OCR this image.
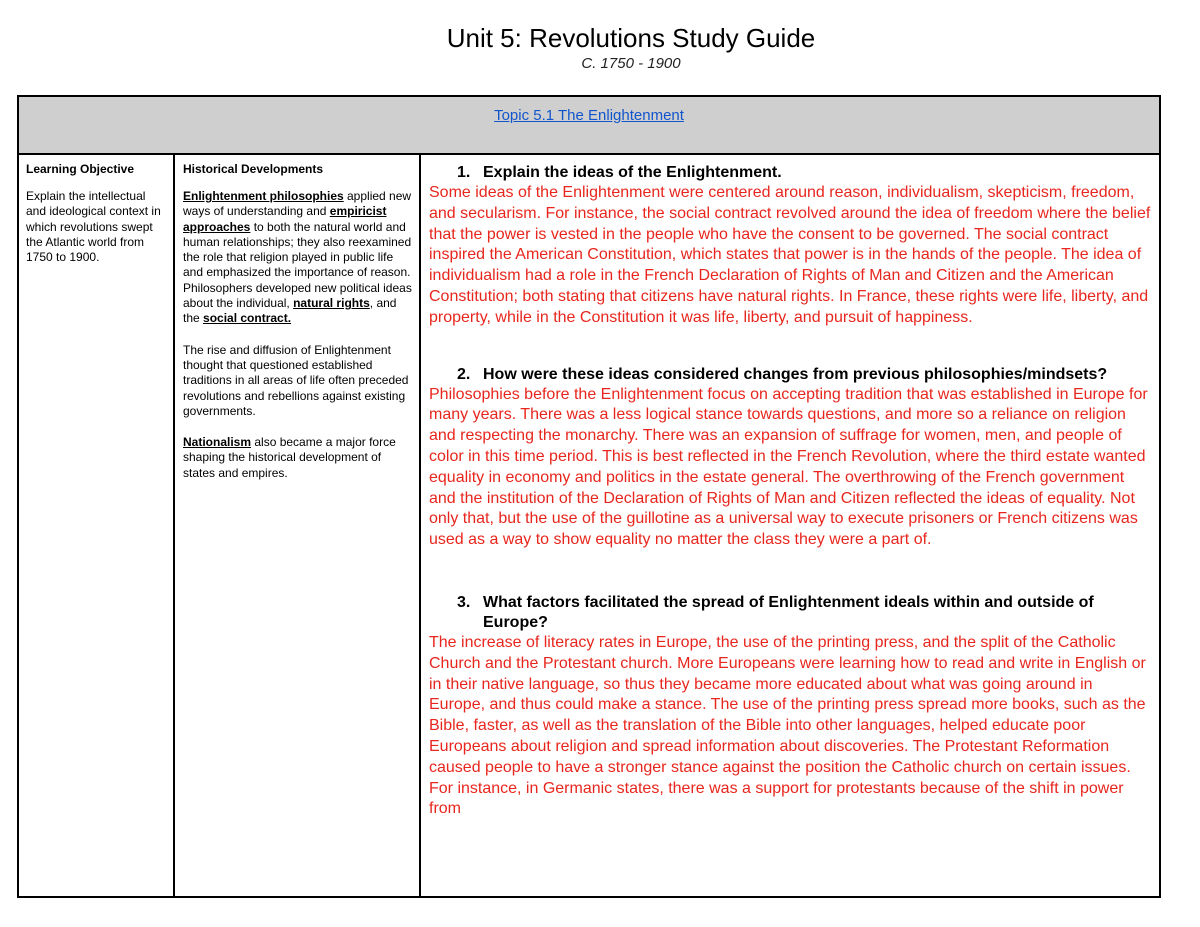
Unit 5: Revolutions Study Guide
C. 1750 - 1900
Topic 5.1 The Enlightenment

Learning Objective

Explain the intellectual and ideological context in which revolutions swept the Atlantic world from 1750 to 1900.

Historical Developments

Enlightenment philosophies applied new ways of understanding and empiricist approaches to both the natural world and human relationships; they also reexamined the role that religion played in public life and emphasized the importance of reason. Philosophers developed new political ideas about the individual, natural rights, and the social contract.

The rise and diffusion of Enlightenment thought that questioned established traditions in all areas of life often preceded revolutions and rebellions against existing governments.

Nationalism also became a major force shaping the historical development of states and empires.

1. Explain the ideas of the Enlightenment.

Some ideas of the Enlightenment were centered around reason, individualism, skepticism, freedom, and secularism. For instance, the social contract revolved around the idea of freedom where the belief that the power is vested in the people who have the consent to be governed. The social contract inspired the American Constitution, which states that power is in the hands of the people. The idea of individualism had a role in the French Declaration of Rights of Man and Citizen and the American Constitution; both stating that citizens have natural rights. In France, these rights were life, liberty, and property, while in the Constitution it was life, liberty, and pursuit of happiness.

2. How were these ideas considered changes from previous philosophies/mindsets?

Philosophies before the Enlightenment focus on accepting tradition that was established in Europe for many years. There was a less logical stance towards questions, and more so a reliance on religion and respecting the monarchy. There was an expansion of suffrage for women, men, and people of color in this time period. This is best reflected in the French Revolution, where the third estate wanted equality in economy and politics in the estate general. The overthrowing of the French government and the institution of the Declaration of Rights of Man and Citizen reflected the ideas of equality. Not only that, but the use of the guillotine as a universal way to execute prisoners or French citizens was used as a way to show equality no matter the class they were a part of.

3. What factors facilitated the spread of Enlightenment ideals within and outside of Europe?

The increase of literacy rates in Europe, the use of the printing press, and the split of the Catholic Church and the Protestant church. More Europeans were learning how to read and write in English or in their native language, so thus they became more educated about what was going around in Europe, and thus could make a stance. The use of the printing press spread more books, such as the Bible, faster, as well as the translation of the Bible into other languages, helped educate poor Europeans about religion and spread information about discoveries. The Protestant Reformation caused people to have a stronger stance against the position the Catholic church on certain issues. For instance, in Germanic states, there was a support for protestants because of the shift in power from
